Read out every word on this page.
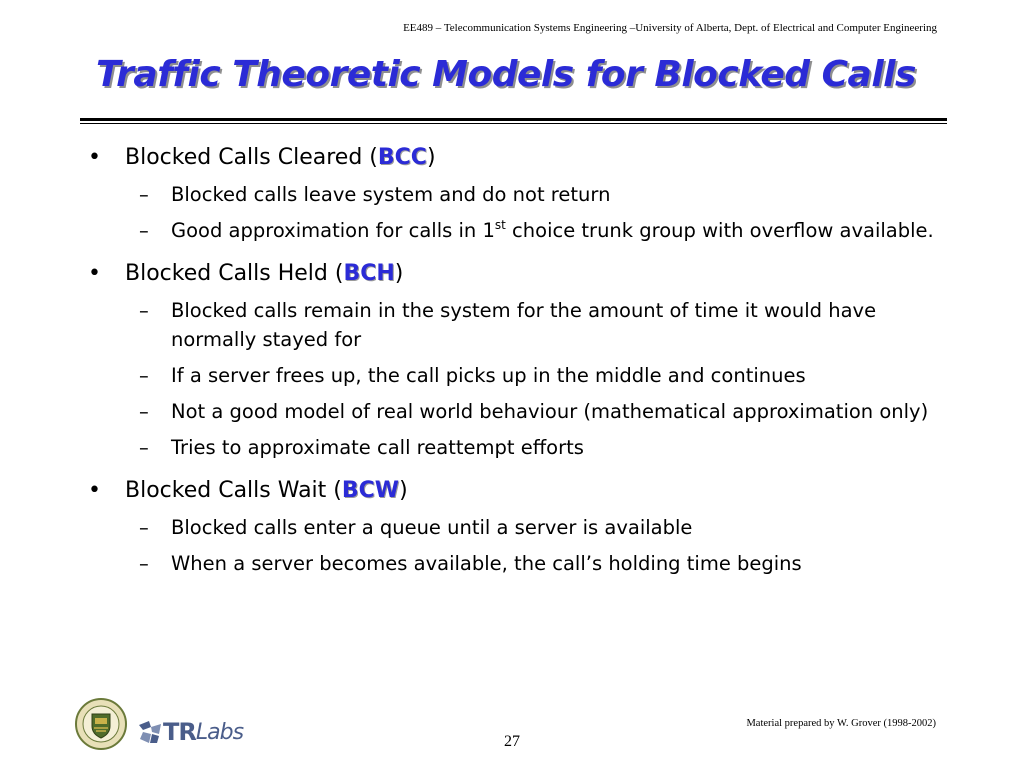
EE489 – Telecommunication Systems Engineering –University of Alberta, Dept. of Electrical and Computer Engineering
Traffic Theoretic Models for Blocked Calls
• Blocked Calls Cleared (BCC)
– Blocked calls leave system and do not return
– Good approximation for calls in 1st choice trunk group with overflow available.
• Blocked Calls Held (BCH)
– Blocked calls remain in the system for the amount of time it would have normally stayed for
– If a server frees up, the call picks up in the middle and continues
– Not a good model of real world behaviour (mathematical approximation only)
– Tries to approximate call reattempt efforts
• Blocked Calls Wait (BCW)
– Blocked calls enter a queue until a server is available
– When a server becomes available, the call’s holding time begins
TR Labs	Material prepared by W. Grover (1998-2002)
27
